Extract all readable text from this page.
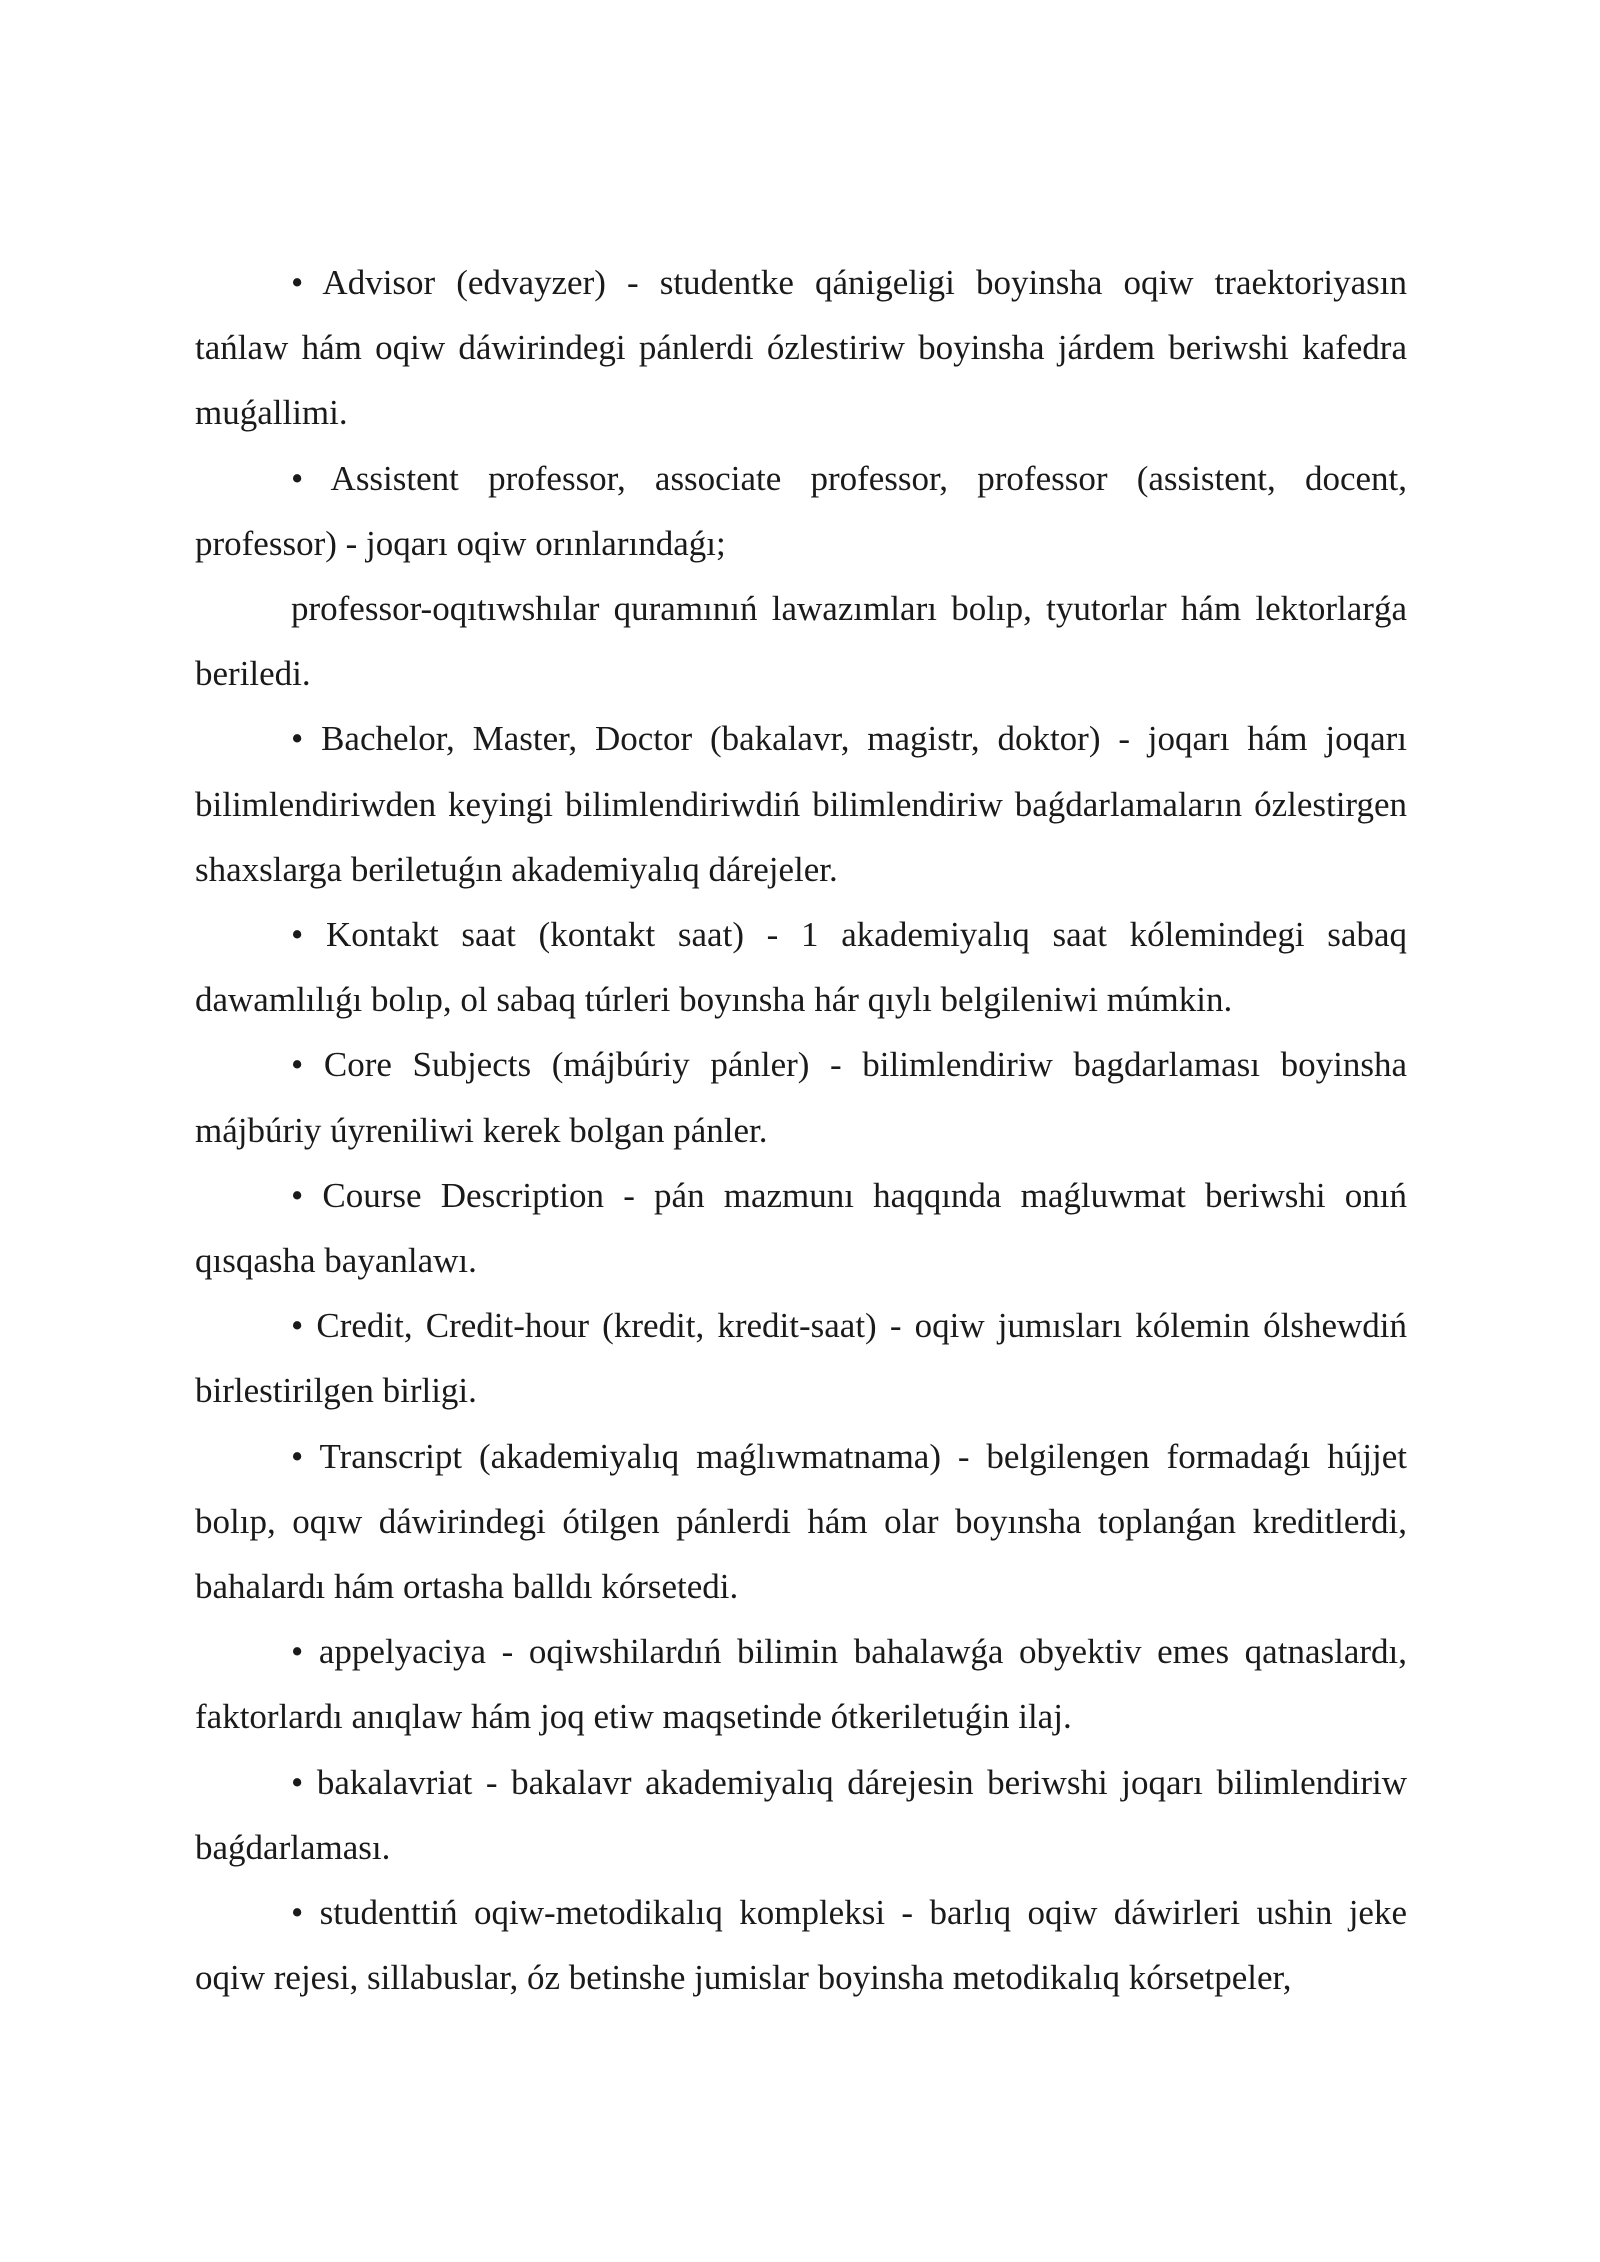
• Advisor (edvayzer) - studentke qánigeligi boyinsha oqiw traektoriyasın tańlaw hám oqiw dáwirindegi pánlerdi ózlestiriw boyinsha járdem beriwshi kafedra muǵallimi.

• Assistent professor, associate professor, professor (assistent, docent, professor) - joqarı oqiw orınlarındaǵı;

professor-oqıtıwshılar quramınıń lawazımları bolıp, tyutorlar hám lektorlarǵa beriledi.

• Bachelor, Master, Doctor (bakalavr, magistr, doktor) - joqarı hám joqarı bilimlendiriwden keyingi bilimlendiriwdiń bilimlendiriw baǵdarlamaların ózlestirgen shaxslarga beriletuǵın akademiyalıq dárejeler.

• Kontakt saat (kontakt saat) - 1 akademiyalıq saat kólemindegi sabaq dawamlılıǵı bolıp, ol sabaq túrleri boyınsha hár qıylı belgileniwi múmkin.

• Core Subjects (májbúriy pánler) - bilimlendiriw bagdarlaması boyinsha májbúriy úyreniliwi kerek bolgan pánler.

• Course Description - pán mazmunı haqqında maǵluwmat beriwshi onıń qısqasha bayanlawı.

• Credit, Credit-hour (kredit, kredit-saat) - oqiw jumısları kólemin ólshewdiń birlestirilgen birligi.

• Transcript (akademiyalıq maǵlıwmatnama) - belgilengen formadaǵı hújjet bolıp, oqıw dáwirindegi ótilgen pánlerdi hám olar boyınsha toplanǵan kreditlerdi, bahalardı hám ortasha balldı kórsetedi.

• appelyaciya - oqiwshilardıń bilimin bahalawǵa obyektiv emes qatnaslardı, faktorlardı anıqlaw hám joq etiw maqsetinde ótkeriletuǵin ilaj.

• bakalavriat - bakalavr akademiyalıq dárejesin beriwshi joqarı bilimlendiriw baǵdarlaması.

• studenttiń oqiw-metodikalıq kompleksi - barlıq oqiw dáwirleri ushin jeke oqiw rejesi, sillabuslar, óz betinshe jumislar boyinsha metodikalıq kórsetpeler,
